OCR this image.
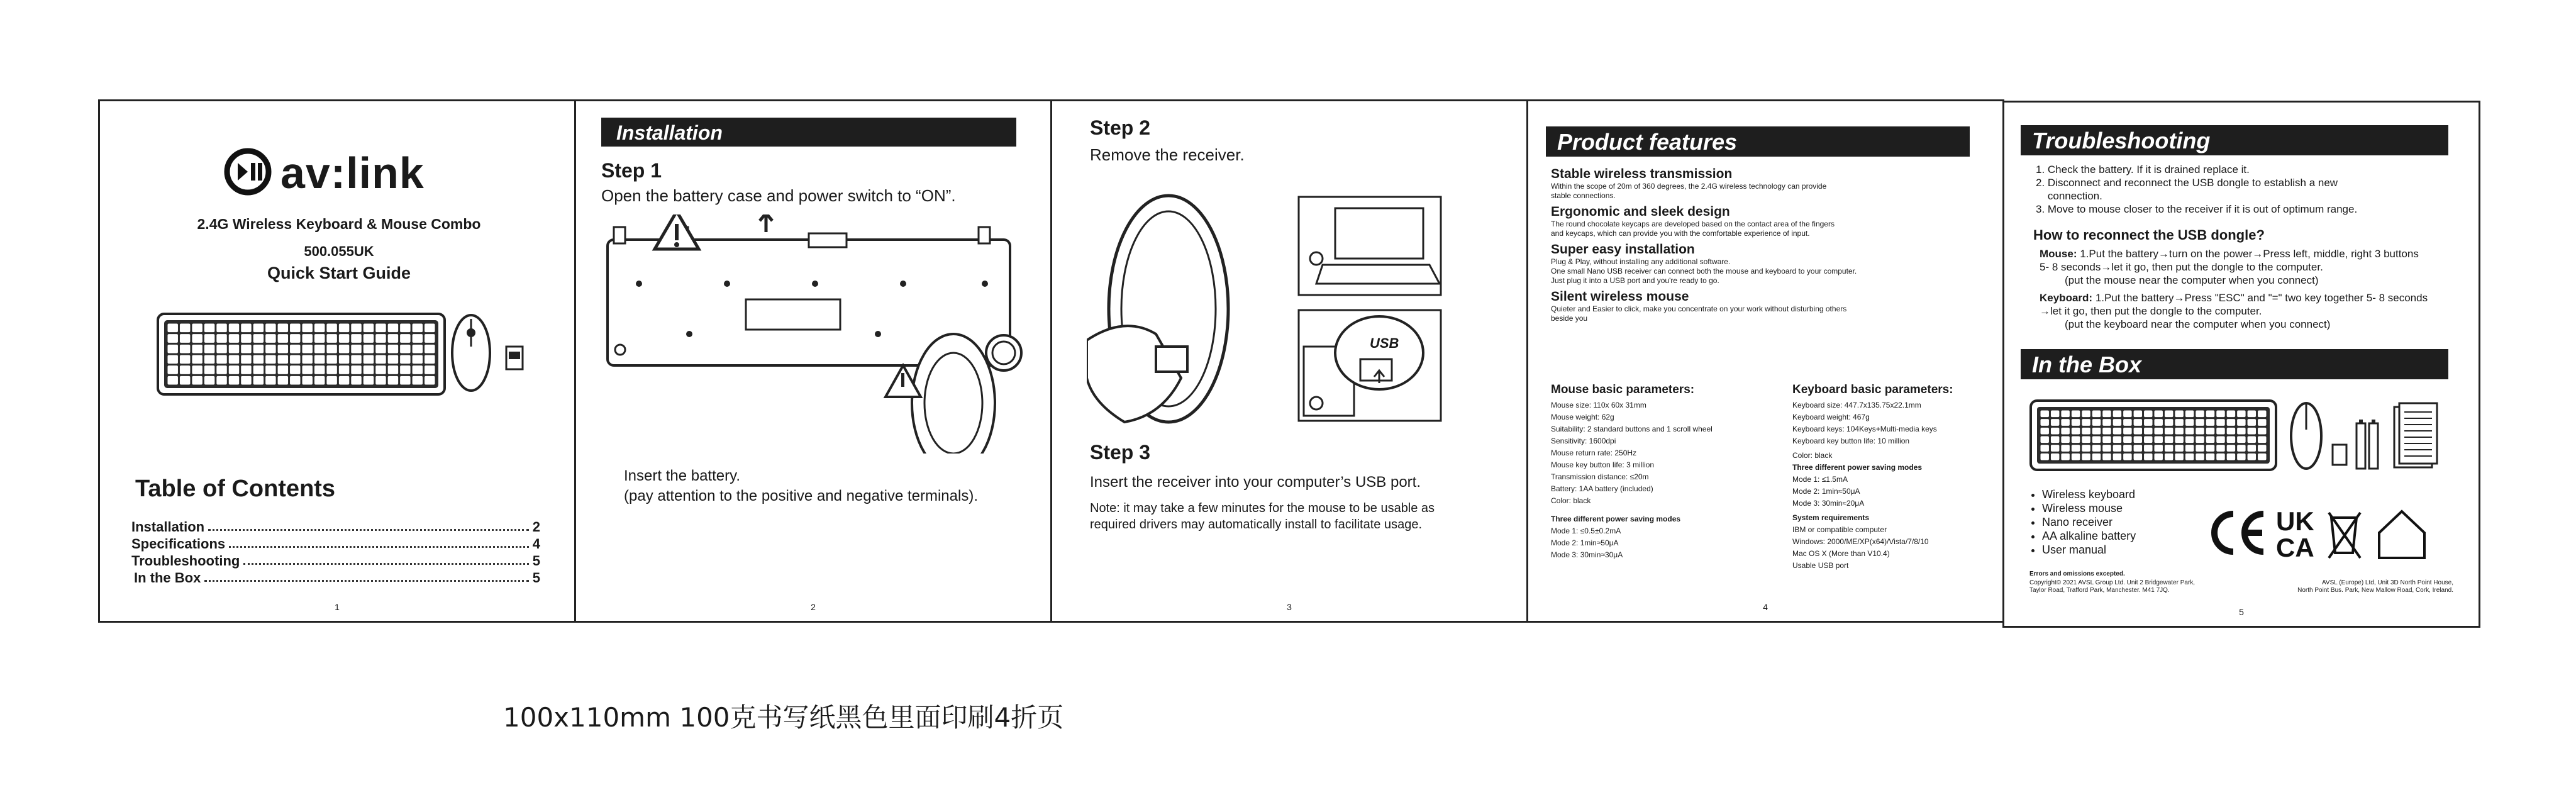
av:link
2.4G Wireless Keyboard & Mouse Combo
500.055UK
Quick Start Guide
Table of Contents
Installation	2
Specifications	4
Troubleshooting	5
In the Box	5
1
Installation
Step 1
Open the battery case and power switch to “ON”.
Insert the battery.
(pay attention to the positive and negative terminals).
2
Step 2
Remove the receiver.
USB
Step 3
Insert the receiver into your computer’s USB port.
Note: it may take a few minutes for the mouse to be usable as
required drivers may automatically install to facilitate usage.
3
Product features
Stable wireless transmission
Within the scope of 20m of 360 degrees, the 2.4G wireless technology can provide
stable connections.
Ergonomic and sleek design
The round chocolate keycaps are developed based on the contact area of the fingers
and keycaps, which can provide you with the comfortable experience of input.
Super easy installation
Plug & Play, without installing any additional software.
One small Nano USB receiver can connect both the mouse and keyboard to your computer.
Just plug it into a USB port and you're ready to go.
Silent wireless mouse
Quieter and Easier to click, make you concentrate on your work without disturbing others
beside you
Mouse basic parameters:
Mouse size: 110x 60x 31mm
Mouse weight: 62g
Suitability: 2 standard buttons and 1 scroll wheel
Sensitivity: 1600dpi
Mouse return rate: 250Hz
Mouse key button life: 3 million
Transmission distance: ≤20m
Battery: 1AA battery (included)
Color: black
Three different power saving modes
Mode 1: ≤0.5±0.2mA
Mode 2: 1min≈50μA
Mode 3: 30min≈30μA
Keyboard basic parameters:
Keyboard size: 447.7x135.75x22.1mm
Keyboard weight: 467g
Keyboard keys: 104Keys+Multi-media keys
Keyboard key button life: 10 million
Color: black
Three different power saving modes
Mode 1: ≤1.5mA
Mode 2: 1min≈50μA
Mode 3: 30min≈20μA
System requirements
IBM or compatible computer
Windows: 2000/ME/XP(x64)/Vista/7/8/10
Mac OS X (More than V10.4)
Usable USB port
4
Troubleshooting
1. Check the battery. If it is drained replace it.
2. Disconnect and reconnect the USB dongle to establish a new
connection.
3. Move to mouse closer to the receiver if it is out of optimum range.
How to reconnect the USB dongle?
Mouse: 1.Put the battery→turn on the power→Press left, middle, right 3 buttons
5- 8 seconds→let it go, then put the dongle to the computer.
(put the mouse near the computer when you connect)
Keyboard: 1.Put the battery→Press "ESC" and "=" two key together 5- 8 seconds
→let it go, then put the dongle to the computer.
(put the keyboard near the computer when you connect)
In the Box
• Wireless keyboard
• Wireless mouse
• Nano receiver
• AA alkaline battery
• User manual
UK
CA
Errors and omissions excepted.
Copyright© 2021 AVSL Group Ltd. Unit 2 Bridgewater Park,
Taylor Road, Trafford Park, Manchester. M41 7JQ.
AVSL (Europe) Ltd, Unit 3D North Point House,
North Point Bus. Park, New Mallow Road, Cork, Ireland.
5
100x110mm 100克书写纸黑色里面印刷4折页
